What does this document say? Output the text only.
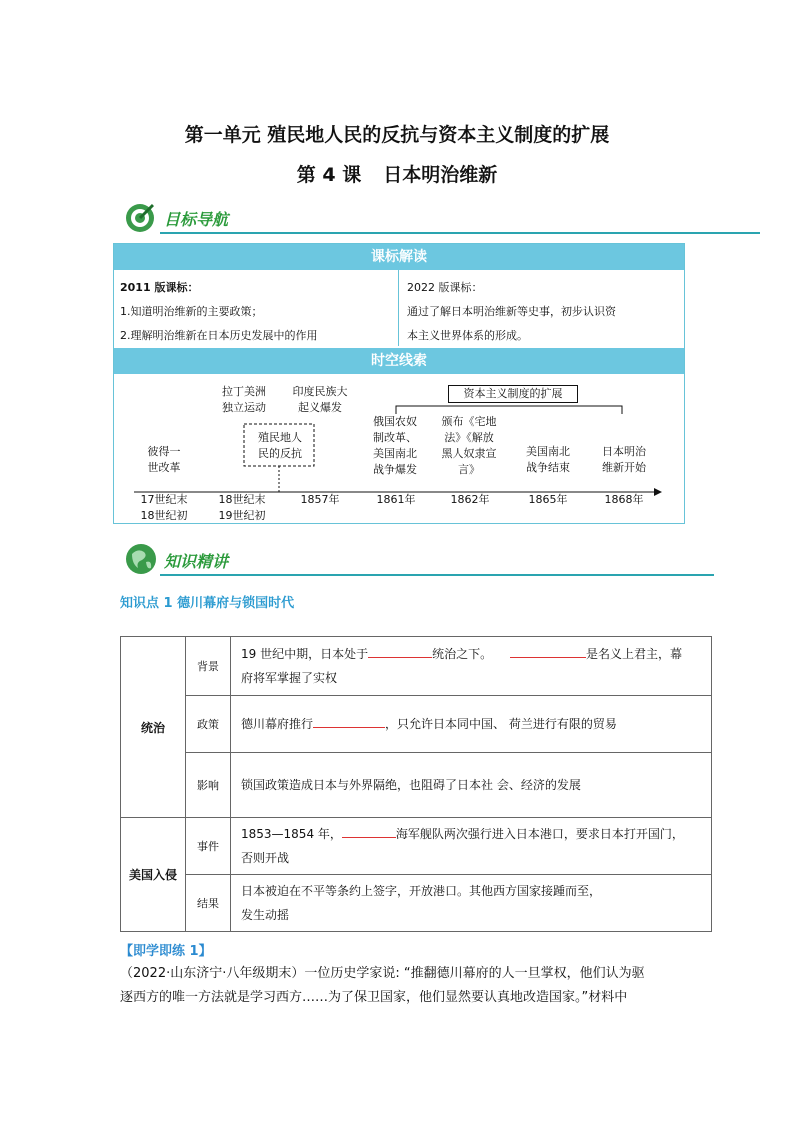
第一单元 殖民地人民的反抗与资本主义制度的扩展
第 4 课 日本明治维新
目标导航
课标解读
2011 版课标：
1.知道明治维新的主要政策；
2.理解明治维新在日本历史发展中的作用
2022 版课标：
通过了解日本明治维新等史事，初步认识资
本主义世界体系的形成。
时空线索
资本主义制度的扩展
殖民地人
民的反抗
彼得一
世改革
拉丁美洲
独立运动
印度民族大
起义爆发
俄国农奴
制改革、
美国南北
战争爆发
颁布《宅地
法》《解放
黑人奴隶宣
言》
美国南北
战争结束
日本明治
维新开始
17世纪末
18世纪初
18世纪末
19世纪初
1857年	1861年	1862年	1865年	1868年
知识精讲
知识点 1 德川幕府与锁国时代
统治	背景	19 世纪中期，日本处于 统治之下。 是名义上君主，幕
府将军掌握了实权
	政策	德川幕府推行 ，只允许日本同中国、 荷兰进行有限的贸易
	影响	锁国政策造成日本与外界隔绝，也阻碍了日本社 会、经济的发展
美国入侵	事件	1853—1854 年， 海军舰队两次强行进入日本港口，要求日本打开国门，
否则开战
	结果	日本被迫在不平等条约上签字，开放港口。其他西方国家接踵而至，
发生动摇
【即学即练 1】
（2022·山东济宁·八年级期末）一位历史学家说: “推翻德川幕府的人一旦掌权，他们认为驱
逐西方的唯一方法就是学习西方……为了保卫国家，他们显然要认真地改造国家。”材料中
